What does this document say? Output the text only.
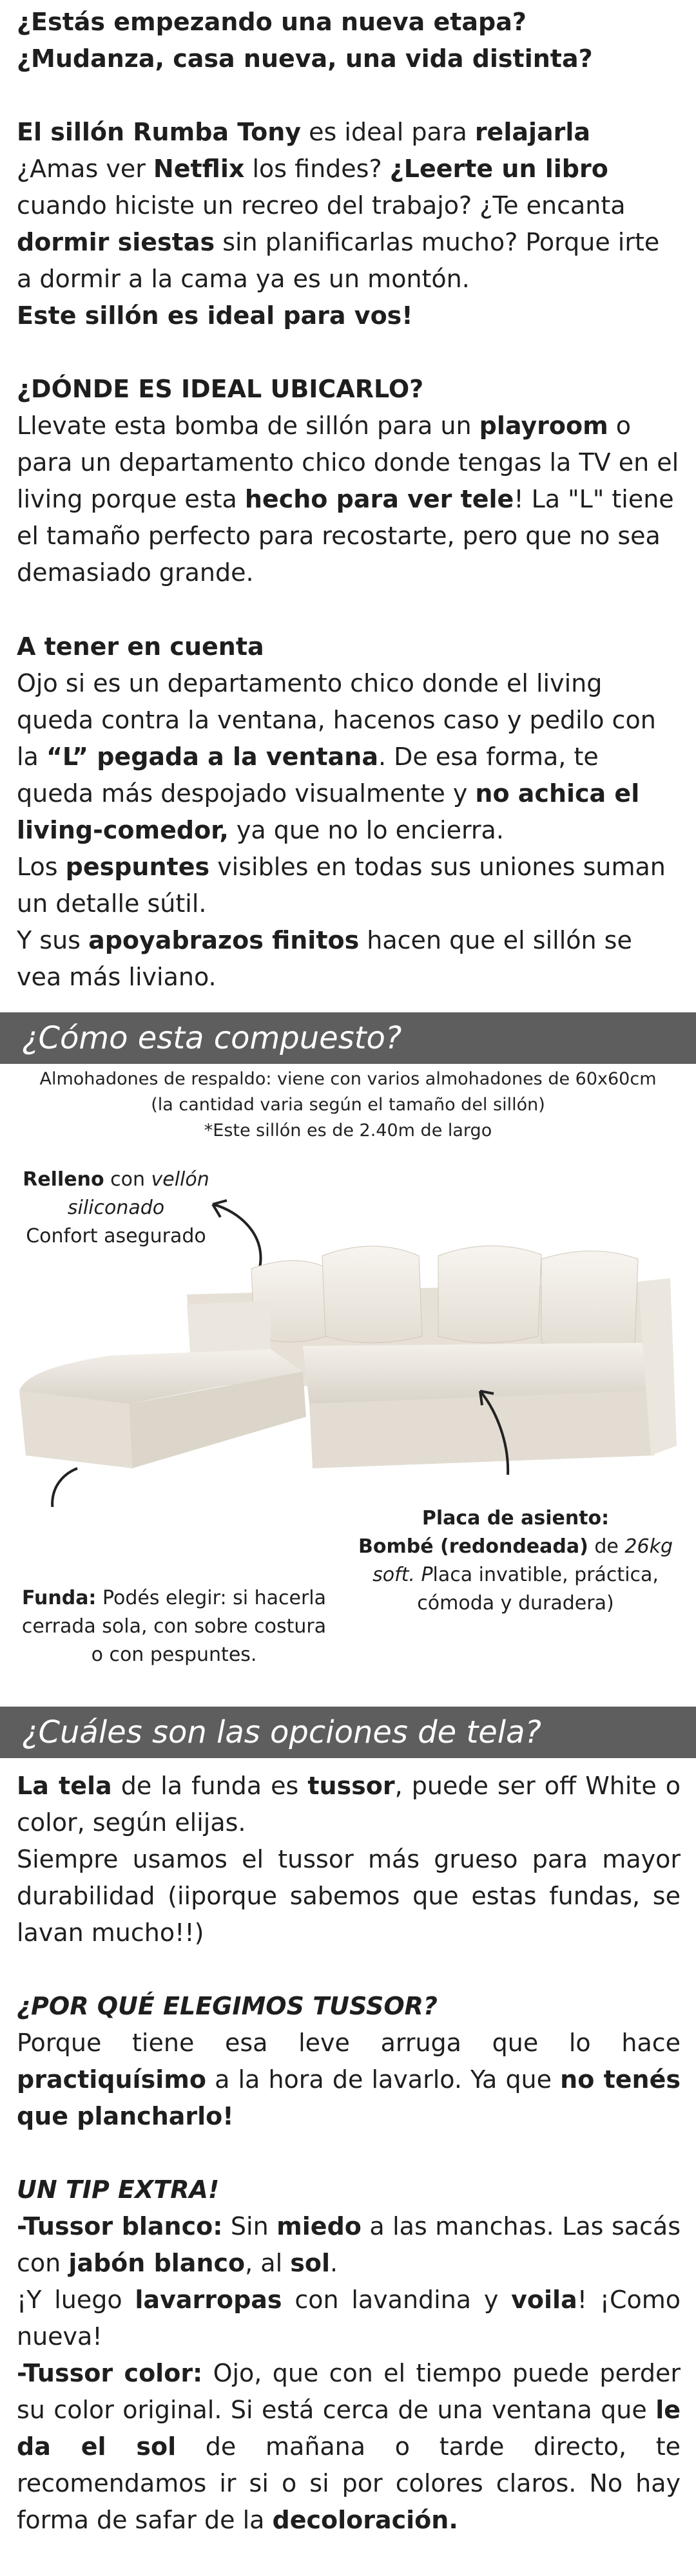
¿Estás empezando una nueva etapa?

¿Mudanza, casa nueva, una vida distinta?

El sillón Rumba Tony es ideal para relajarla
¿Amas ver Netflix los findes? ¿Leerte un libro cuando hiciste un recreo del trabajo? ¿Te encanta dormir siestas sin planificarlas mucho? Porque irte a dormir a la cama ya es un montón.
Este sillón es ideal para vos!

¿DÓNDE ES IDEAL UBICARLO?

Llevate esta bomba de sillón para un playroom o para un departamento chico donde tengas la TV en el living porque esta hecho para ver tele! La "L" tiene el tamaño perfecto para recostarte, pero que no sea demasiado grande.

A tener en cuenta

Ojo si es un departamento chico donde el living queda contra la ventana, hacenos caso y pedilo con la “L” pegada a la ventana. De esa forma, te queda más despojado visualmente y no achica el living-comedor, ya que no lo encierra.

Los pespuntes visibles en todas sus uniones suman un detalle sútil.

Y sus apoyabrazos finitos hacen que el sillón se vea más liviano.

¿Cómo esta compuesto?

Almohadones de respaldo: viene con varios almohadones de 60x60cm

(la cantidad varia según el tamaño del sillón)

*Este sillón es de 2.40m de largo

Relleno con vellón siliconado
Confort asegurado
Funda: Podés elegir: si hacerla cerrada sola, con sobre costura o con pespuntes.
Placa de asiento:
Bombé (redondeada) de 26kg soft. Placa invatible, práctica, cómoda y duradera)
¿Cuáles son las opciones de tela?

La tela de la funda es tussor, puede ser off White o color, según elijas.

Siempre usamos el tussor más grueso para mayor durabilidad (iiporque sabemos que estas fundas, se lavan mucho!!)

¿POR QUÉ ELEGIMOS TUSSOR?

Porque tiene esa leve arruga que lo hace practiquísimo a la hora de lavarlo. Ya que no tenés que plancharlo!

UN TIP EXTRA!

-Tussor blanco: Sin miedo a las manchas. Las sacás con jabón blanco, al sol.

¡Y luego lavarropas con lavandina y voila! ¡Como nueva!

-Tussor color: Ojo, que con el tiempo puede perder su color original. Si está cerca de una ventana que le da el sol de mañana o tarde directo, te recomendamos ir si o si por colores claros. No hay forma de safar de la decoloración.
